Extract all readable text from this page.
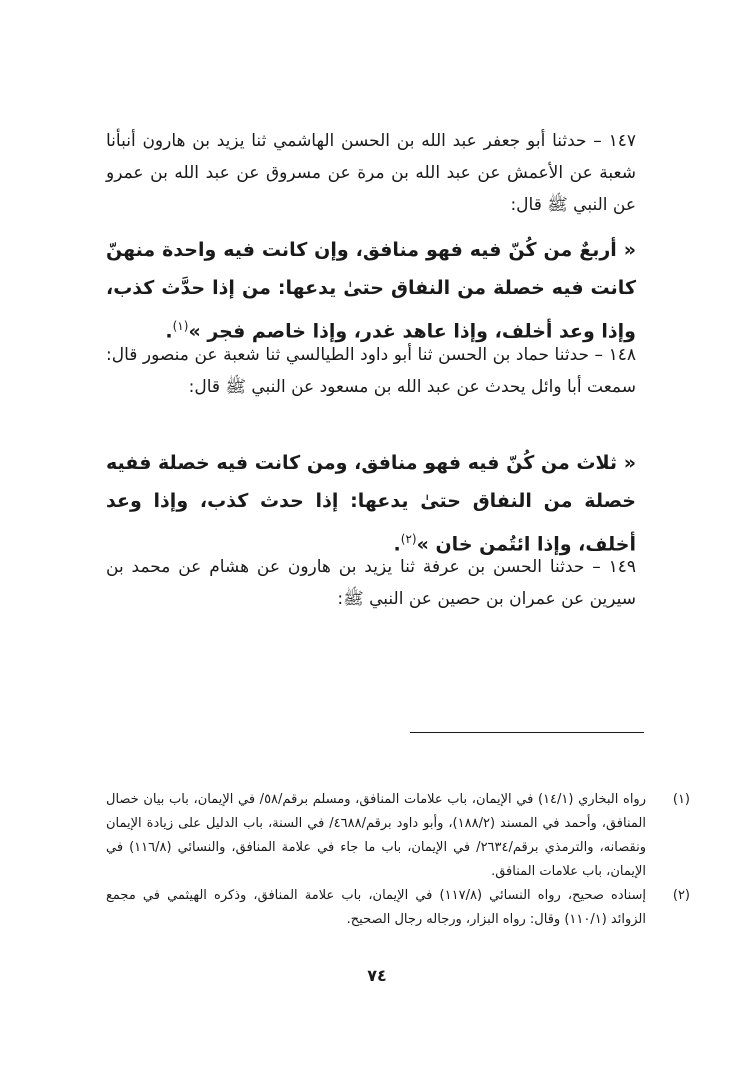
١٤٧ – حدثنا أبو جعفر عبد الله بن الحسن الهاشمي ثنا يزيد بن هارون أنبأنا شعبة عن الأعمش عن عبد الله بن مرة عن مسروق عن عبد الله بن عمرو عن النبي ﷺ قال:

« أربعٌ من كُنّ فيه فهو منافق، وإن كانت فيه واحدة منهنّ كانت فيه خصلة من النفاق حتىٰ يدعها: من إذا حدَّث كذب، وإذا وعد أخلف، وإذا عاهد غدر، وإذا خاصم فجر »$^{(١)}$.

١٤٨ – حدثنا حماد بن الحسن ثنا أبو داود الطيالسي ثنا شعبة عن منصور قال: سمعت أبا وائل يحدث عن عبد الله بن مسعود عن النبي ﷺ قال:

« ثلاث من كُنّ فيه فهو منافق، ومن كانت فيه خصلة ففيه خصلة من النفاق حتىٰ يدعها: إذا حدث كذب، وإذا وعد أخلف، وإذا ائتُمن خان »$^{(٢)}$.

١٤٩ – حدثنا الحسن بن عرفة ثنا يزيد بن هارون عن هشام عن محمد بن سيرين عن عمران بن حصين عن النبي ﷺ:

(١)
رواه البخاري (١٤/١) في الإيمان، باب علامات المنافق، ومسلم برقم/٥٨/ في الإيمان، باب بيان خصال المنافق، وأحمد في المسند (١٨٨/٢)، وأبو داود برقم/٤٦٨٨/ في السنة، باب الدليل على زيادة الإيمان ونقصانه، والترمذي برقم/٢٦٣٤/ في الإيمان، باب ما جاء في علامة المنافق، والنسائي (١١٦/٨) في الإيمان، باب علامات المنافق.
(٢)
إسناده صحيح، رواه النسائي (١١٧/٨) في الإيمان، باب علامة المنافق، وذكره الهيثمي في مجمع الزوائد (١١٠/١) وقال: رواه البزار، ورجاله رجال الصحيح.
٧٤
